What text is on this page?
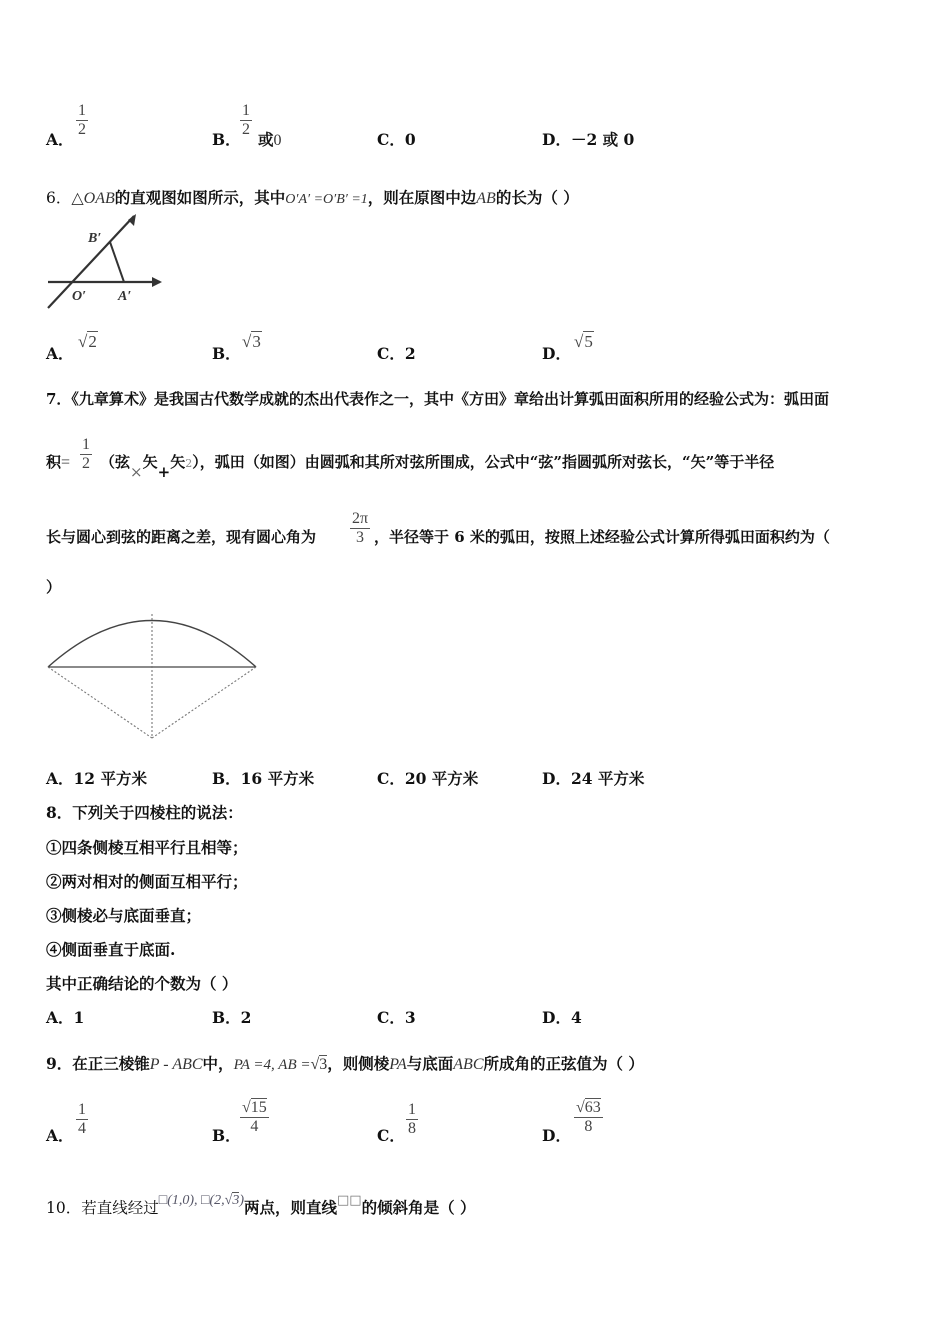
A．
1
2
B．
1
2
或0	C．0	D．－2 或 0
6．△OAB的直观图如图所示，其中O′A′ =O′B′ =1，则在原图中边AB的长为（ ）
B′
O′ A′
A．
√2
B．
√3
C．2	D．
√5
7．《九章算术》是我国古代数学成就的杰出代表作之一，其中《方田》章给出计算弧田面积所用的经验公式为：弧田面
积=
1
2 （弦×矢+矢2），弧田（如图）由圆弧和其所对弦所围成，公式中“弦”指圆弧所对弦长，“矢”等于半径
长与圆心到弦的距离之差，现有圆心角为
2π
3 ，半径等于 6 米的弧田，按照上述经验公式计算所得弧田面积约为（
）
A．12 平方米	B．16 平方米	C．20 平方米	D．24 平方米
8．下列关于四棱柱的说法：
①四条侧棱互相平行且相等；
②两对相对的侧面互相平行；
③侧棱必与底面垂直；
④侧面垂直于底面.
其中正确结论的个数为（ ）
A．1	B．2	C．3	D．4
9．在正三棱锥P - ABC中，PA =4, AB =√3，则侧棱PA与底面ABC所成角的正弦值为（ ）
A．
1
4	B．
√15
4	C．
1
8	D．
√63
8
10．若直线经过□(1,0), □(2,√3)两点，则直线□□的倾斜角是（ ）
